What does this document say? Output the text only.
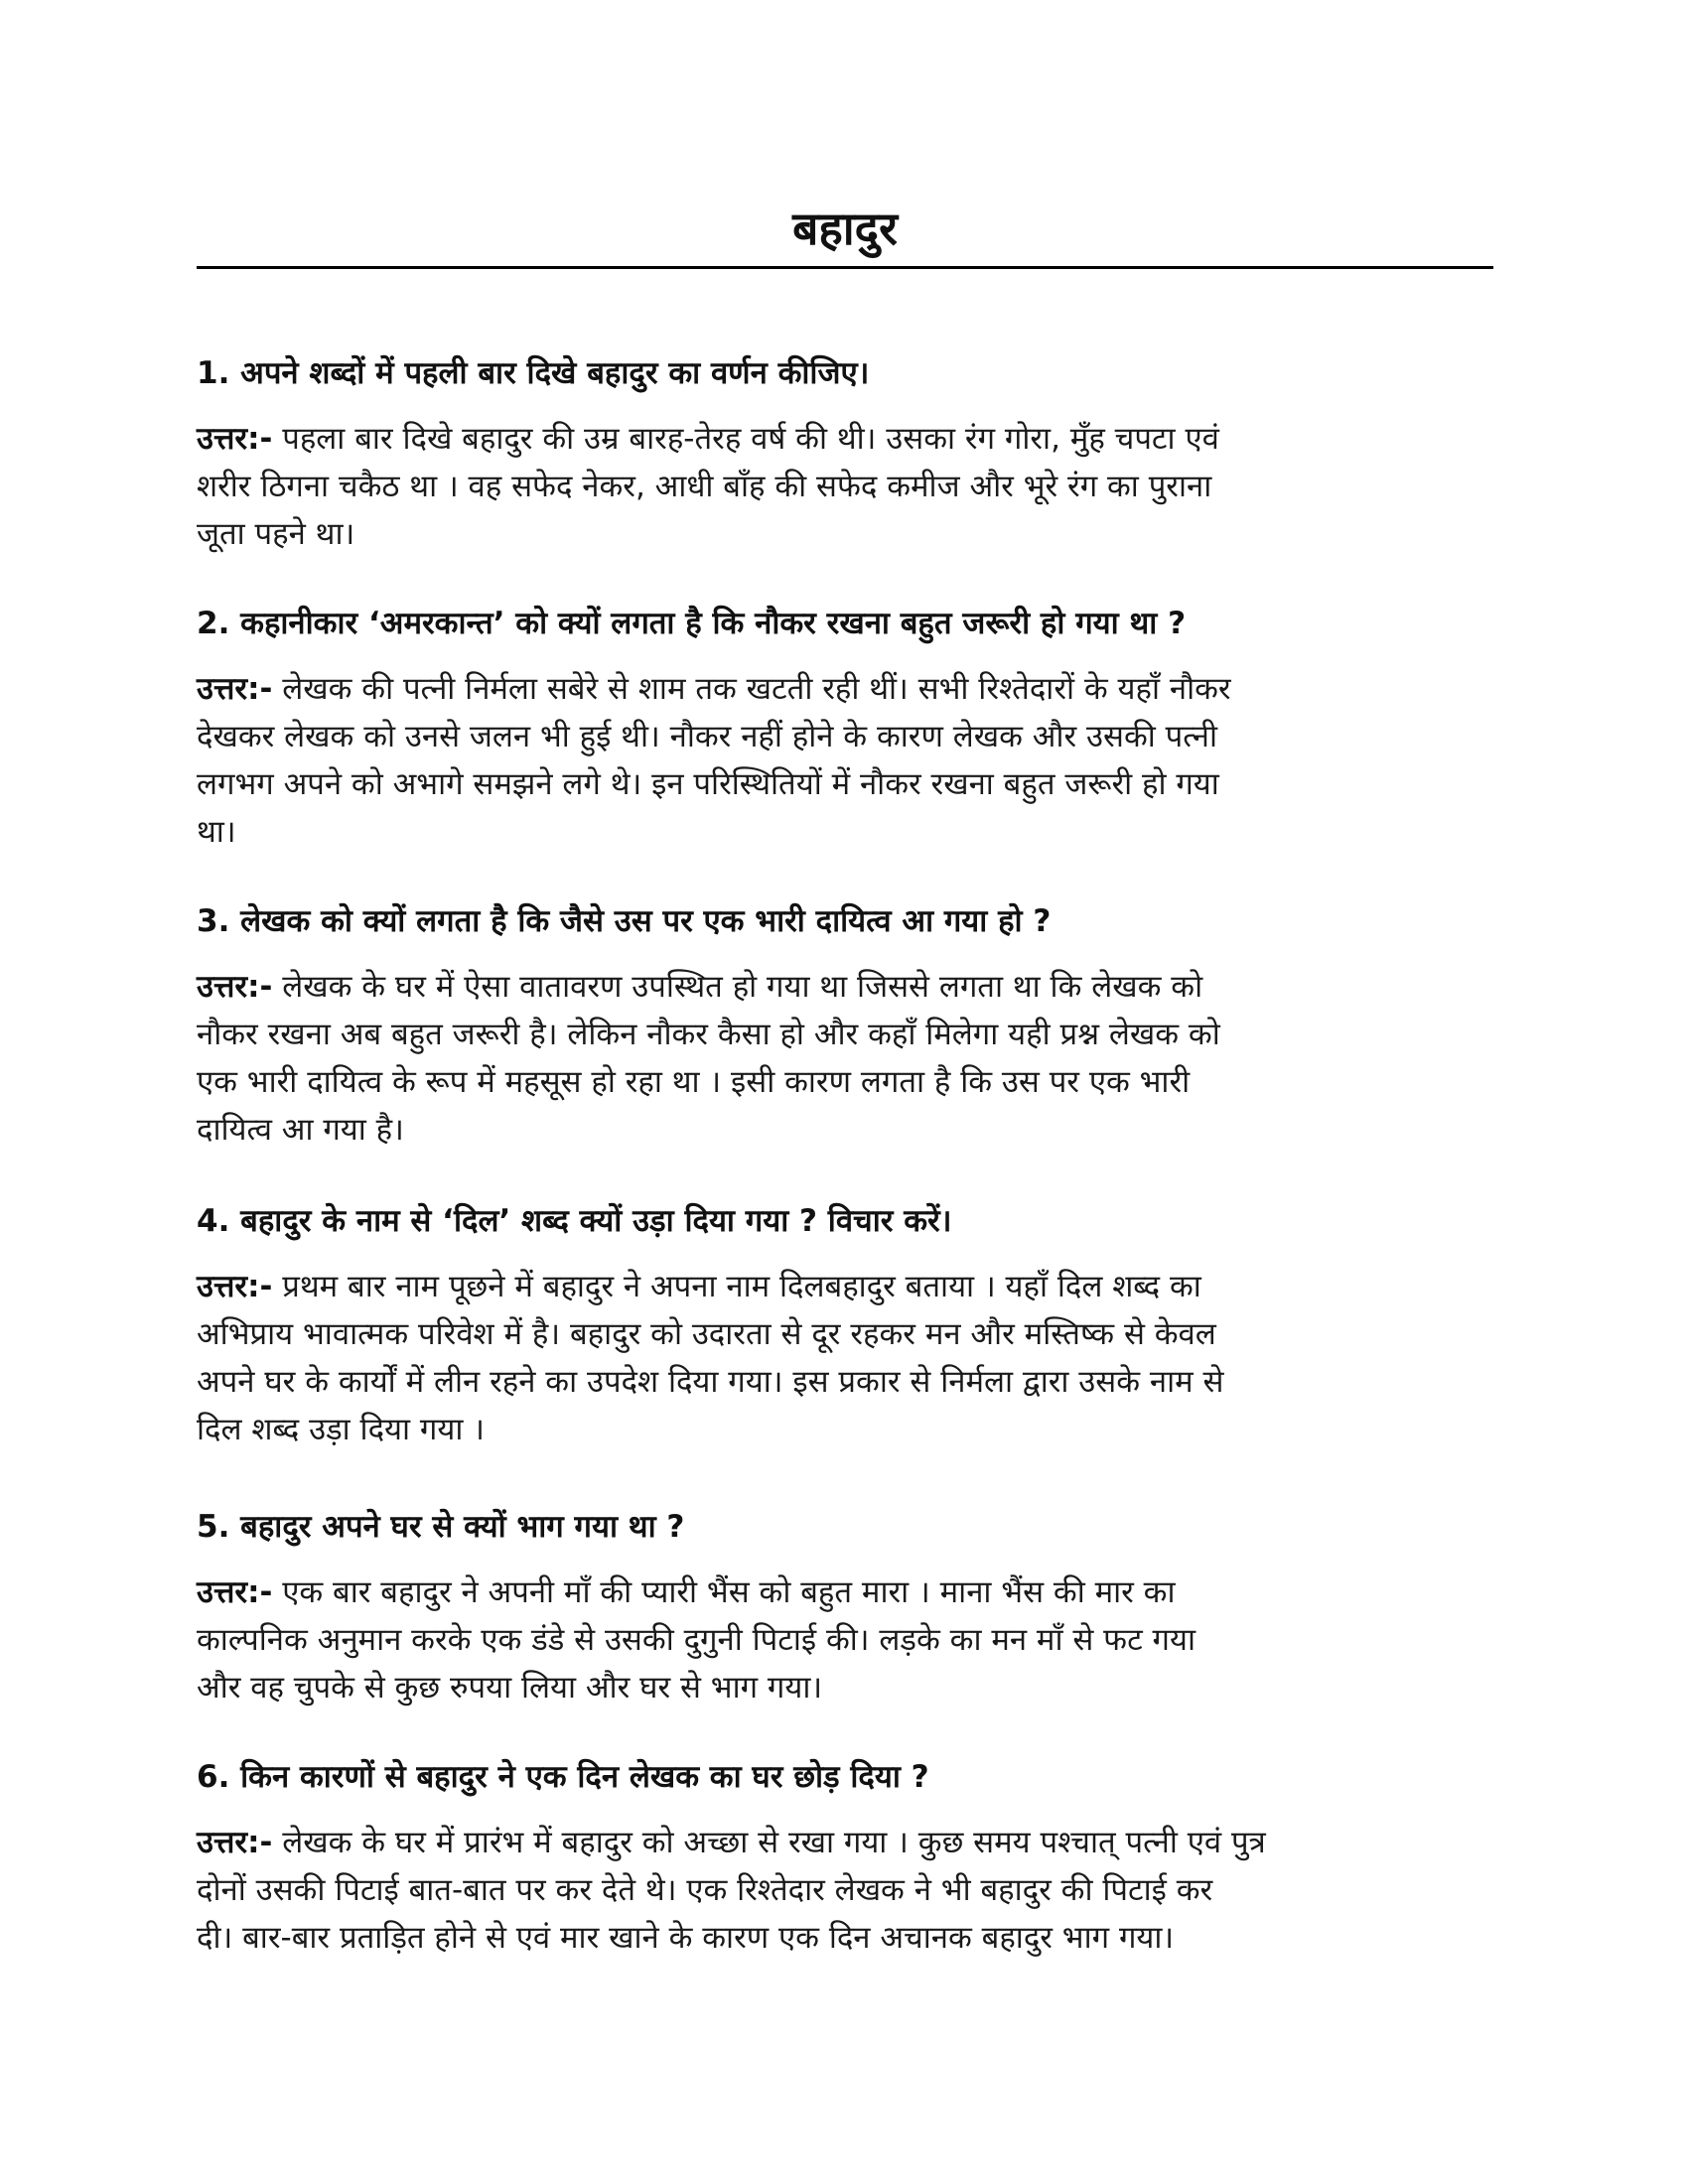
बहादुर
1. अपने शब्दों में पहली बार दिखे बहादुर का वर्णन कीजिए।
उत्तर:- पहला बार दिखे बहादुर की उम्र बारह-तेरह वर्ष की थी। उसका रंग गोरा, मुँह चपटा एवं
शरीर ठिगना चकैठ था । वह सफेद नेकर, आधी बाँह की सफेद कमीज और भूरे रंग का पुराना
जूता पहने था।
2. कहानीकार ‘अमरकान्त’ को क्यों लगता है कि नौकर रखना बहुत जरूरी हो गया था ?
उत्तर:- लेखक की पत्नी निर्मला सबेरे से शाम तक खटती रही थीं। सभी रिश्तेदारों के यहाँ नौकर
देखकर लेखक को उनसे जलन भी हुई थी। नौकर नहीं होने के कारण लेखक और उसकी पत्नी
लगभग अपने को अभागे समझने लगे थे। इन परिस्थितियों में नौकर रखना बहुत जरूरी हो गया
था।
3. लेखक को क्यों लगता है कि जैसे उस पर एक भारी दायित्व आ गया हो ?
उत्तर:- लेखक के घर में ऐसा वातावरण उपस्थित हो गया था जिससे लगता था कि लेखक को
नौकर रखना अब बहुत जरूरी है। लेकिन नौकर कैसा हो और कहाँ मिलेगा यही प्रश्न लेखक को
एक भारी दायित्व के रूप में महसूस हो रहा था । इसी कारण लगता है कि उस पर एक भारी
दायित्व आ गया है।
4. बहादुर के नाम से ‘दिल’ शब्द क्यों उड़ा दिया गया ? विचार करें।
उत्तर:- प्रथम बार नाम पूछने में बहादुर ने अपना नाम दिलबहादुर बताया । यहाँ दिल शब्द का
अभिप्राय भावात्मक परिवेश में है। बहादुर को उदारता से दूर रहकर मन और मस्तिष्क से केवल
अपने घर के कार्यों में लीन रहने का उपदेश दिया गया। इस प्रकार से निर्मला द्वारा उसके नाम से
दिल शब्द उड़ा दिया गया ।
5. बहादुर अपने घर से क्यों भाग गया था ?
उत्तर:- एक बार बहादुर ने अपनी माँ की प्यारी भैंस को बहुत मारा । माना भैंस की मार का
काल्पनिक अनुमान करके एक डंडे से उसकी दुगुनी पिटाई की। लड़के का मन माँ से फट गया
और वह चुपके से कुछ रुपया लिया और घर से भाग गया।
6. किन कारणों से बहादुर ने एक दिन लेखक का घर छोड़ दिया ?
उत्तर:- लेखक के घर में प्रारंभ में बहादुर को अच्छा से रखा गया । कुछ समय पश्चात् पत्नी एवं पुत्र
दोनों उसकी पिटाई बात-बात पर कर देते थे। एक रिश्तेदार लेखक ने भी बहादुर की पिटाई कर
दी। बार-बार प्रताड़ित होने से एवं मार खाने के कारण एक दिन अचानक बहादुर भाग गया।
